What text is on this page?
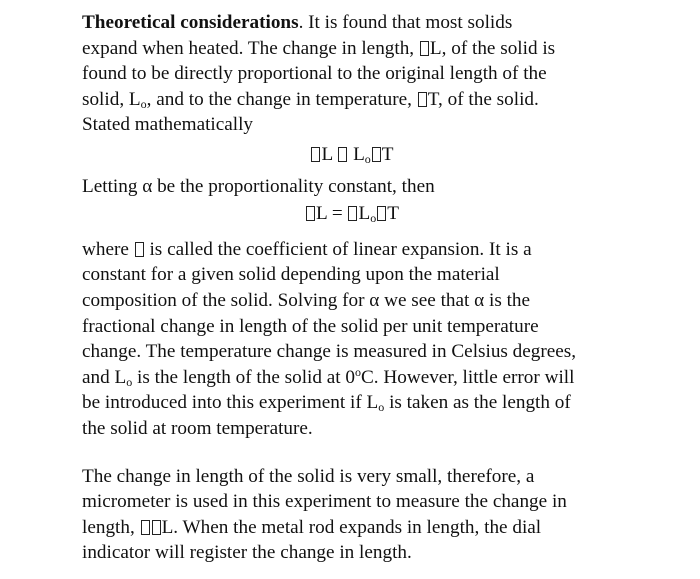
Theoretical considerations. It is found that most solids
expand when heated. The change in length, L, of the solid is
found to be directly proportional to the original length of the
solid, $L_o$, and to the change in temperature, T, of the solid.
Stated mathematically
L  $L_o$ T
Letting α be the proportionality constant, then
$L = L_o$ T
where  is called the coefficient of linear expansion. It is a
constant for a given solid depending upon the material
composition of the solid. Solving for α we see that α is the
fractional change in length of the solid per unit temperature
change. The temperature change is measured in Celsius degrees,
and $L_o$ is the length of the solid at 0$^o$C. However, little error will
be introduced into this experiment if $L_o$ is taken as the length of
the solid at room temperature.
The change in length of the solid is very small, therefore, a
micrometer is used in this experiment to measure the change in
length, L. When the metal rod expands in length, the dial
indicator will register the change in length.
